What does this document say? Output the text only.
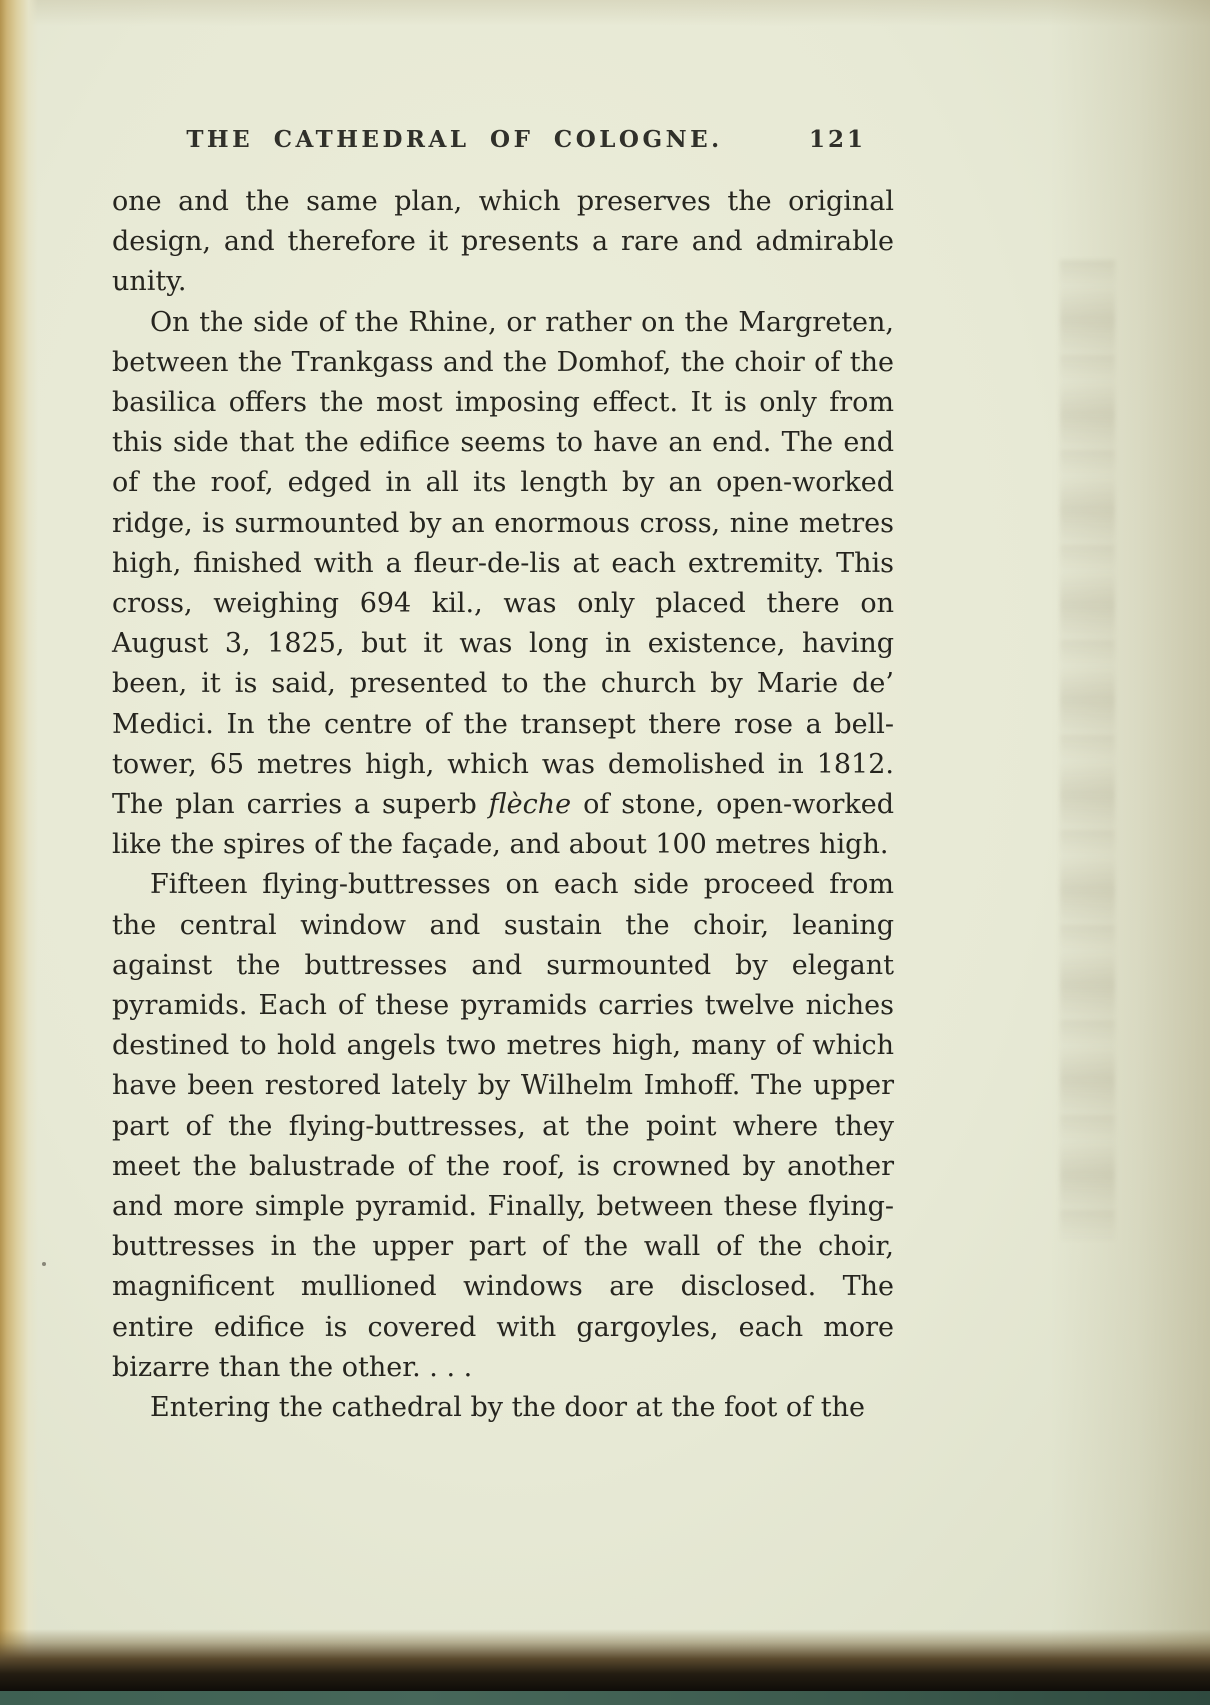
THE CATHEDRAL OF COLOGNE.	121

one and the same plan, which preserves the original design, and therefore it presents a rare and admirable unity.

On the side of the Rhine, or rather on the Margreten, between the Trankgass and the Domhof, the choir of the basilica offers the most imposing effect. It is only from this side that the edifice seems to have an end. The end of the roof, edged in all its length by an open-worked ridge, is surmounted by an enormous cross, nine metres high, finished with a fleur-de-lis at each extremity. This cross, weighing 694 kil., was only placed there on August 3, 1825, but it was long in existence, having been, it is said, presented to the church by Marie de’ Medici. In the centre of the transept there rose a bell-tower, 65 metres high, which was demolished in 1812. The plan carries a superb flèche of stone, open-worked like the spires of the façade, and about 100 metres high.

Fifteen flying-buttresses on each side proceed from the central window and sustain the choir, leaning against the buttresses and surmounted by elegant pyramids. Each of these pyramids carries twelve niches destined to hold angels two metres high, many of which have been restored lately by Wilhelm Imhoff. The upper part of the flying-buttresses, at the point where they meet the balustrade of the roof, is crowned by another and more simple pyramid. Finally, between these flying-buttresses in the upper part of the wall of the choir, magnificent mullioned windows are disclosed. The entire edifice is covered with gargoyles, each more bizarre than the other. . . .

Entering the cathedral by the door at the foot of the
